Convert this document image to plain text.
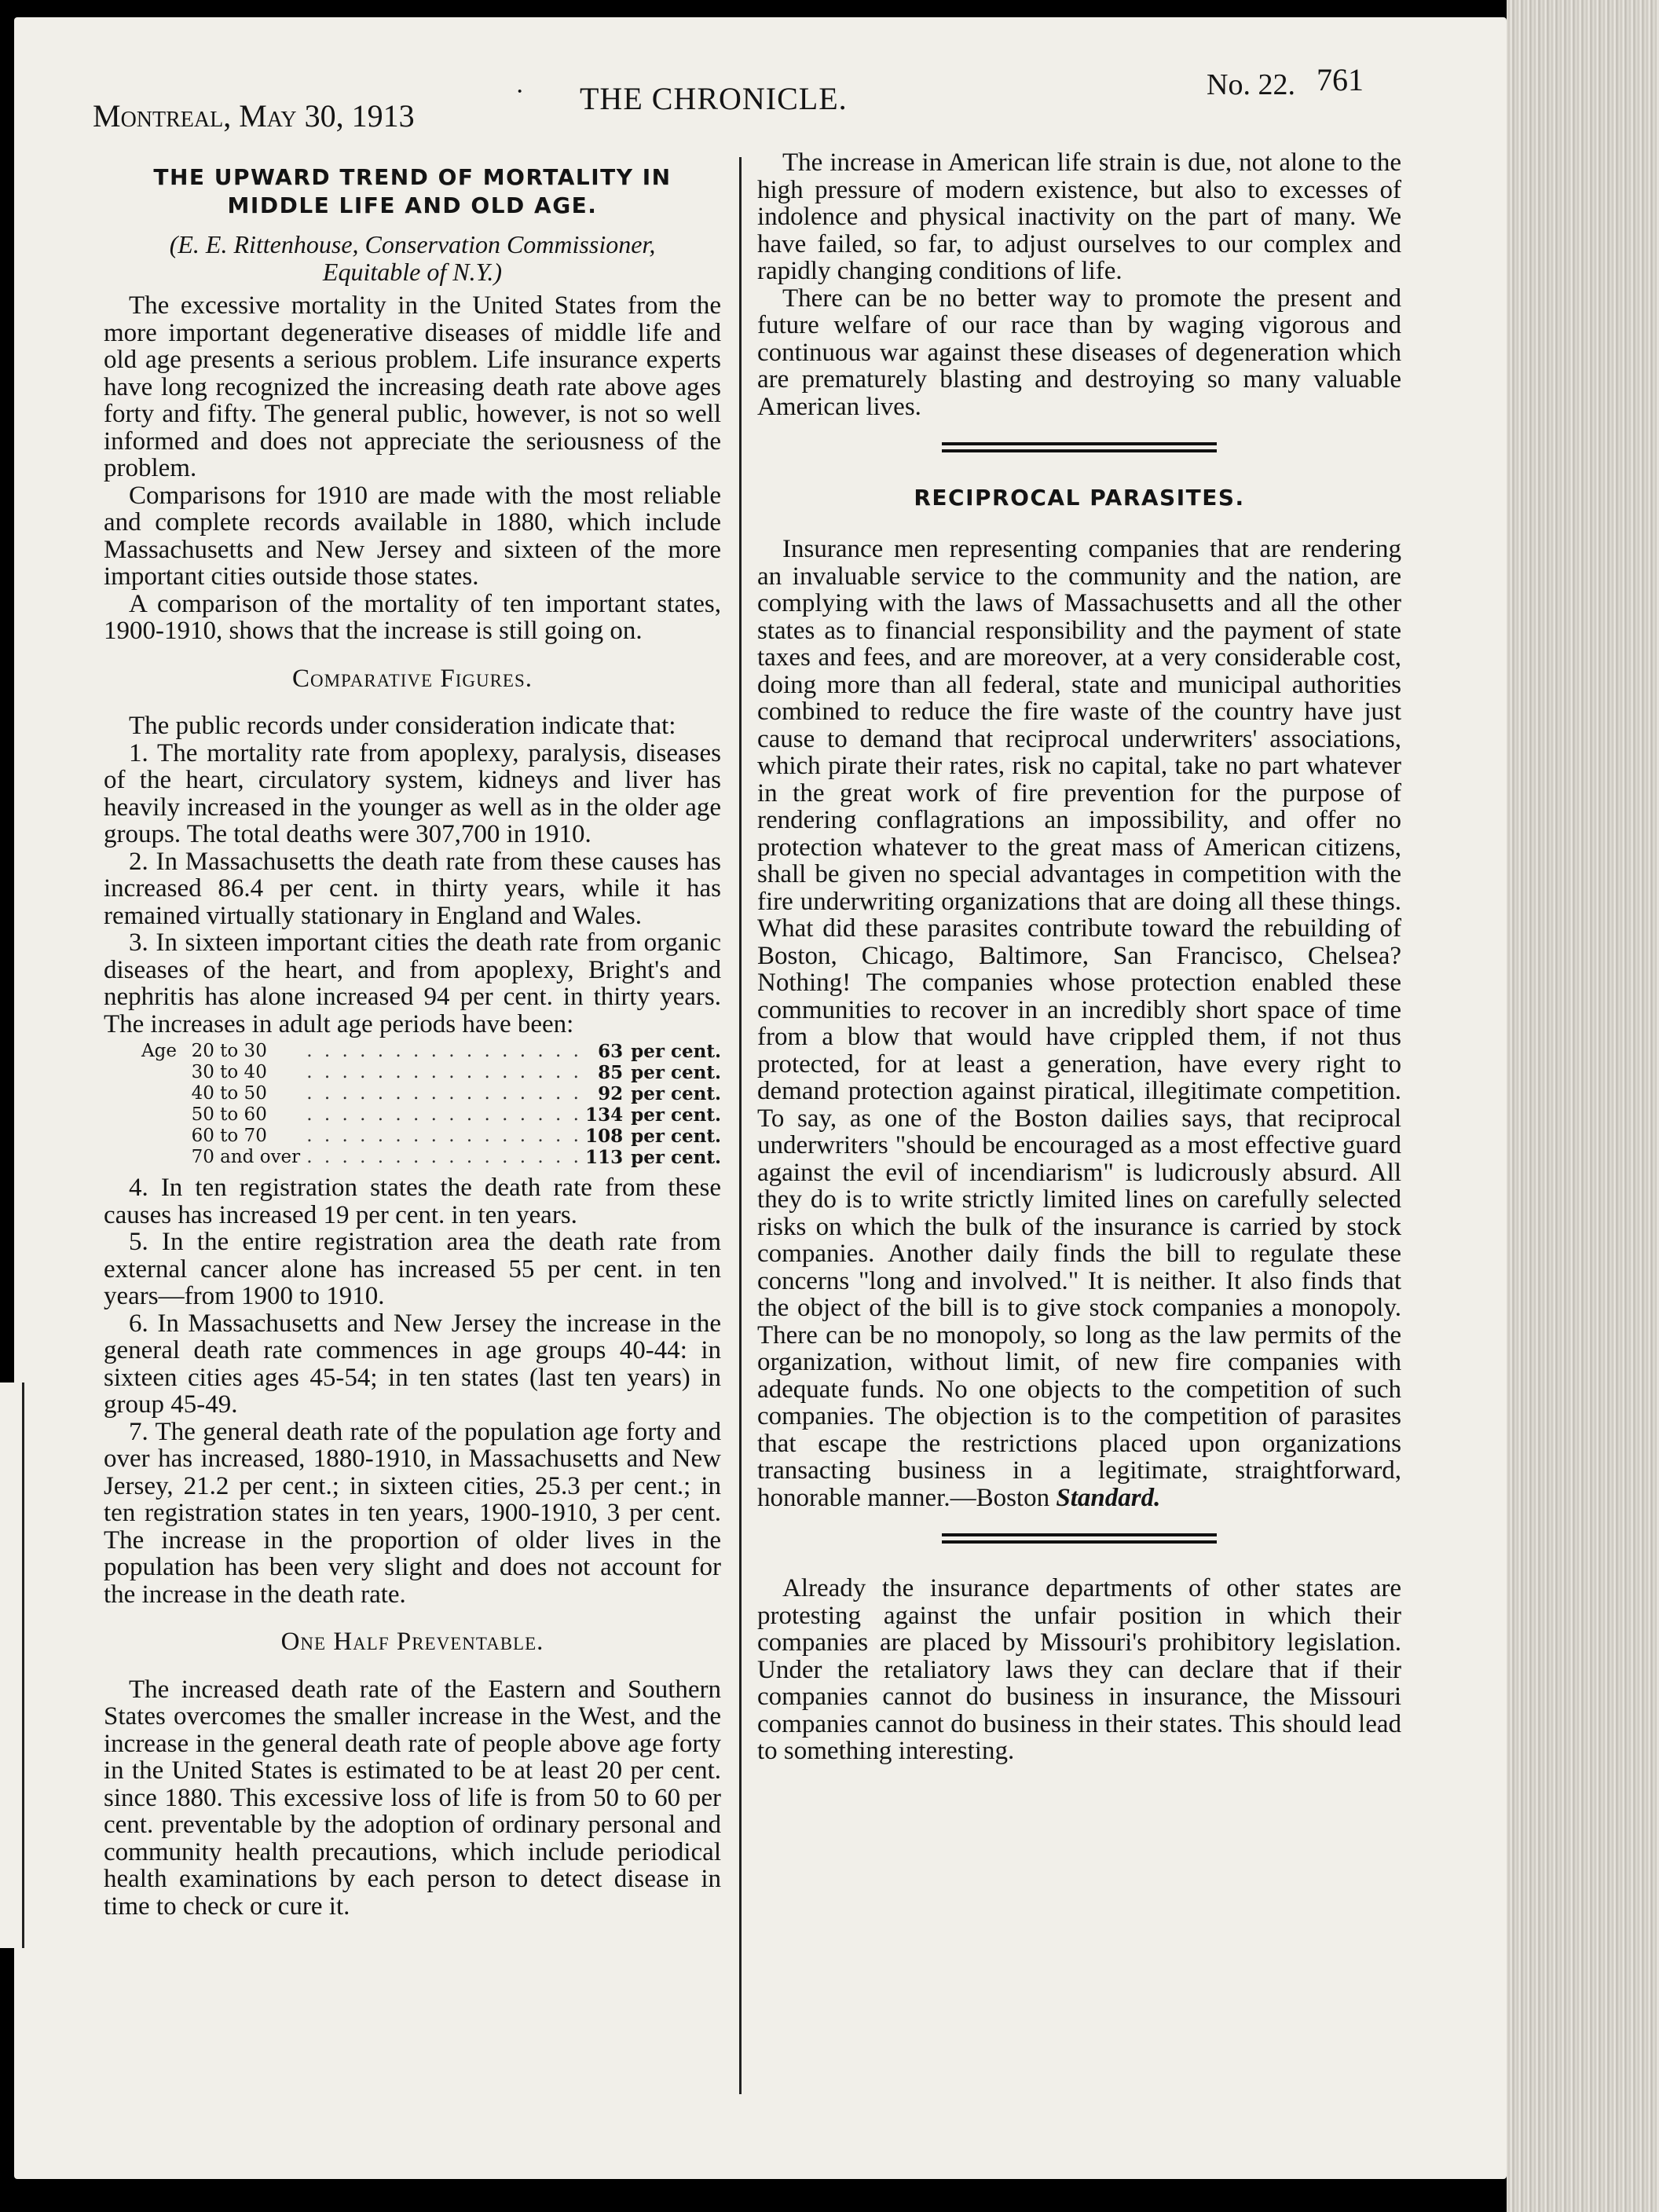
Montreal, May 30, 1913
· THE CHRONICLE.	No. 22. 761
THE UPWARD TREND OF MORTALITY IN
MIDDLE LIFE AND OLD AGE.
(E. E. Rittenhouse, Conservation Commissioner,
Equitable of N.Y.)

The excessive mortality in the United States from the more important degenerative diseases of middle life and old age presents a serious problem. Life insurance experts have long recognized the increasing death rate above ages forty and fifty. The general public, however, is not so well informed and does not appreciate the seriousness of the problem.

Comparisons for 1910 are made with the most reliable and complete records available in 1880, which include Massachusetts and New Jersey and sixteen of the more important cities outside those states.

A comparison of the mortality of ten important states, 1900-1910, shows that the increase is still going on.

Comparative Figures.

The public records under consideration indicate that:

1. The mortality rate from apoplexy, paralysis, diseases of the heart, circulatory system, kidneys and liver has heavily increased in the younger as well as in the older age groups. The total deaths were 307,700 in 1910.

2. In Massachusetts the death rate from these causes has increased 86.4 per cent. in thirty years, while it has remained virtually stationary in England and Wales.

3. In sixteen important cities the death rate from organic diseases of the heart, and from apoplexy, Bright's and nephritis has alone increased 94 per cent. in thirty years. The increases in adult age periods have been:

Age	20 to 30	. . . . . . . . . . . . . . . .	63	per cent.
	30 to 40	. . . . . . . . . . . . . . . .	85	per cent.
	40 to 50	. . . . . . . . . . . . . . . .	92	per cent.
	50 to 60	. . . . . . . . . . . . . . . .	134	per cent.
	60 to 70	. . . . . . . . . . . . . . . .	108	per cent.
	70 and over	. . . . . . . . . . . . . . . .	113	per cent.

4. In ten registration states the death rate from these causes has increased 19 per cent. in ten years.

5. In the entire registration area the death rate from external cancer alone has increased 55 per cent. in ten years—from 1900 to 1910.

6. In Massachusetts and New Jersey the increase in the general death rate commences in age groups 40-44: in sixteen cities ages 45-54; in ten states (last ten years) in group 45-49.

7. The general death rate of the population age forty and over has increased, 1880-1910, in Massachusetts and New Jersey, 21.2 per cent.; in sixteen cities, 25.3 per cent.; in ten registration states in ten years, 1900-1910, 3 per cent. The increase in the proportion of older lives in the population has been very slight and does not account for the increase in the death rate.

One Half Preventable.

The increased death rate of the Eastern and Southern States overcomes the smaller increase in the West, and the increase in the general death rate of people above age forty in the United States is estimated to be at least 20 per cent. since 1880. This excessive loss of life is from 50 to 60 per cent. preventable by the adoption of ordinary personal and community health precautions, which include periodical health examinations by each person to detect disease in time to check or cure it.

The increase in American life strain is due, not alone to the high pressure of modern existence, but also to excesses of indolence and physical inactivity on the part of many. We have failed, so far, to adjust ourselves to our complex and rapidly changing conditions of life.

There can be no better way to promote the present and future welfare of our race than by waging vigorous and continuous war against these diseases of degeneration which are prematurely blasting and destroying so many valuable American lives.

RECIPROCAL PARASITES.

Insurance men representing companies that are rendering an invaluable service to the community and the nation, are complying with the laws of Massachusetts and all the other states as to financial responsibility and the payment of state taxes and fees, and are moreover, at a very considerable cost, doing more than all federal, state and municipal authorities combined to reduce the fire waste of the country have just cause to demand that reciprocal underwriters' associations, which pirate their rates, risk no capital, take no part whatever in the great work of fire prevention for the purpose of rendering conflagrations an impossibility, and offer no protection whatever to the great mass of American citizens, shall be given no special advantages in competition with the fire underwriting organizations that are doing all these things. What did these parasites contribute toward the rebuilding of Boston, Chicago, Baltimore, San Francisco, Chelsea? Nothing! The companies whose protection enabled these communities to recover in an incredibly short space of time from a blow that would have crippled them, if not thus protected, for at least a generation, have every right to demand protection against piratical, illegitimate competition. To say, as one of the Boston dailies says, that reciprocal underwriters "should be encouraged as a most effective guard against the evil of incendiarism" is ludicrously absurd. All they do is to write strictly limited lines on carefully selected risks on which the bulk of the insurance is carried by stock companies. Another daily finds the bill to regulate these concerns "long and involved." It is neither. It also finds that the object of the bill is to give stock companies a monopoly. There can be no monopoly, so long as the law permits of the organization, without limit, of new fire companies with adequate funds. No one objects to the competition of such companies. The objection is to the competition of parasites that escape the restrictions placed upon organizations transacting business in a legitimate, straightforward, honorable manner.—Boston Standard.

Already the insurance departments of other states are protesting against the unfair position in which their companies are placed by Missouri's prohibitory legislation. Under the retaliatory laws they can declare that if their companies cannot do business in insurance, the Missouri companies cannot do business in their states. This should lead to something interesting.
